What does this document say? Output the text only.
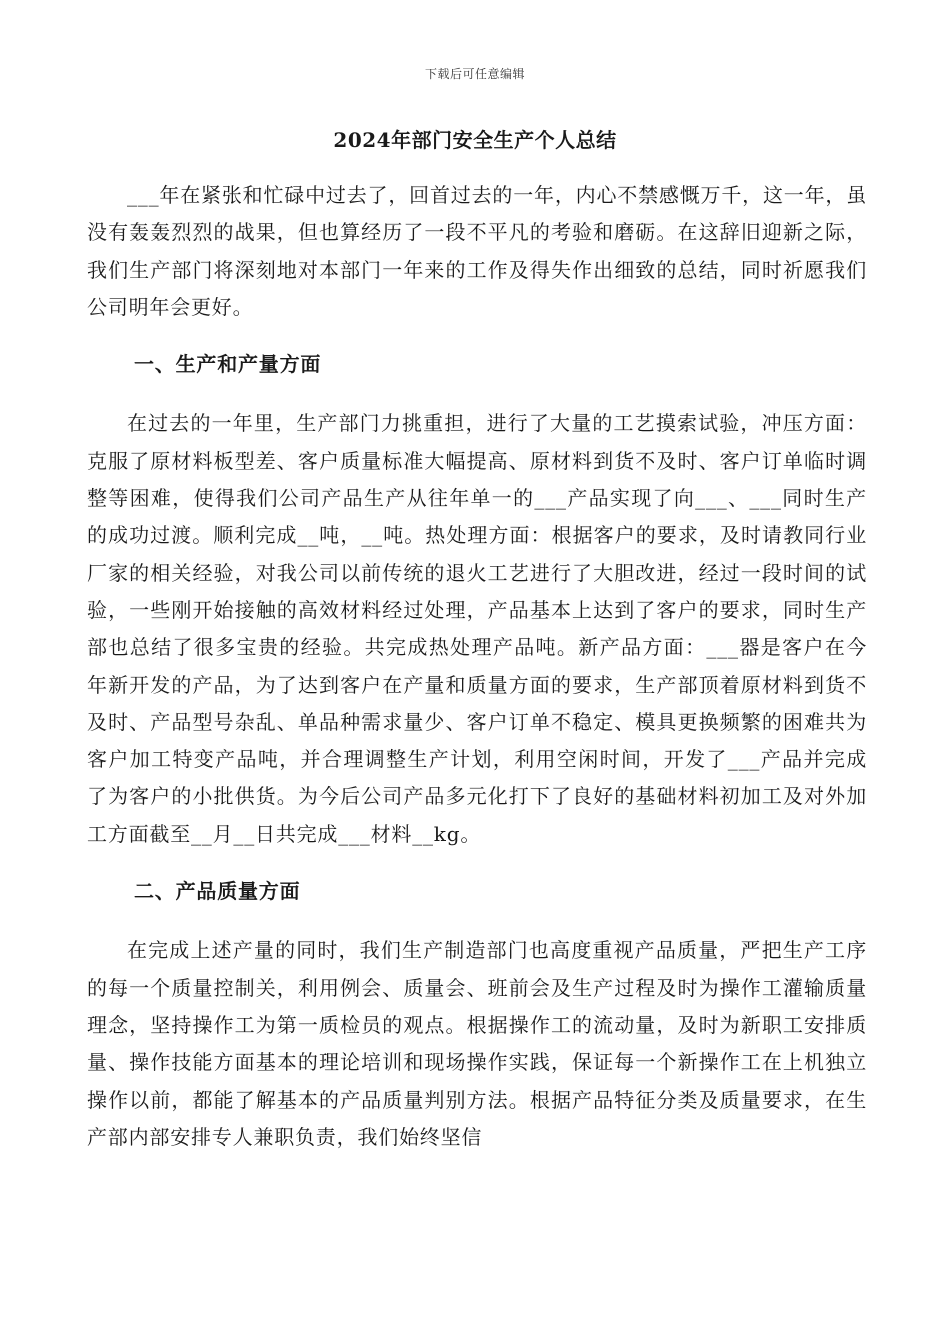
下载后可任意编辑
2024年部门安全生产个人总结

___年在紧张和忙碌中过去了，回首过去的一年，内心不禁感慨万千，这一年，虽没有轰轰烈烈的战果，但也算经历了一段不平凡的考验和磨砺。在这辞旧迎新之际，我们生产部门将深刻地对本部门一年来的工作及得失作出细致的总结，同时祈愿我们公司明年会更好。

一、生产和产量方面

在过去的一年里，生产部门力挑重担，进行了大量的工艺摸索试验，冲压方面：克服了原材料板型差、客户质量标准大幅提高、原材料到货不及时、客户订单临时调整等困难，使得我们公司产品生产从往年单一的___产品实现了向___、___同时生产的成功过渡。顺利完成__吨，__吨。热处理方面：根据客户的要求，及时请教同行业厂家的相关经验，对我公司以前传统的退火工艺进行了大胆改进，经过一段时间的试验，一些刚开始接触的高效材料经过处理，产品基本上达到了客户的要求，同时生产部也总结了很多宝贵的经验。共完成热处理产品吨。新产品方面：___器是客户在今年新开发的产品，为了达到客户在产量和质量方面的要求，生产部顶着原材料到货不及时、产品型号杂乱、单品种需求量少、客户订单不稳定、模具更换频繁的困难共为客户加工特变产品吨，并合理调整生产计划，利用空闲时间，开发了___产品并完成了为客户的小批供货。为今后公司产品多元化打下了良好的基础材料初加工及对外加工方面截至__月__日共完成___材料__kg。

二、产品质量方面

在完成上述产量的同时，我们生产制造部门也高度重视产品质量，严把生产工序的每一个质量控制关，利用例会、质量会、班前会及生产过程及时为操作工灌输质量理念，坚持操作工为第一质检员的观点。根据操作工的流动量，及时为新职工安排质量、操作技能方面基本的理论培训和现场操作实践，保证每一个新操作工在上机独立操作以前，都能了解基本的产品质量判别方法。根据产品特征分类及质量要求，在生产部内部安排专人兼职负责，我们始终坚信
